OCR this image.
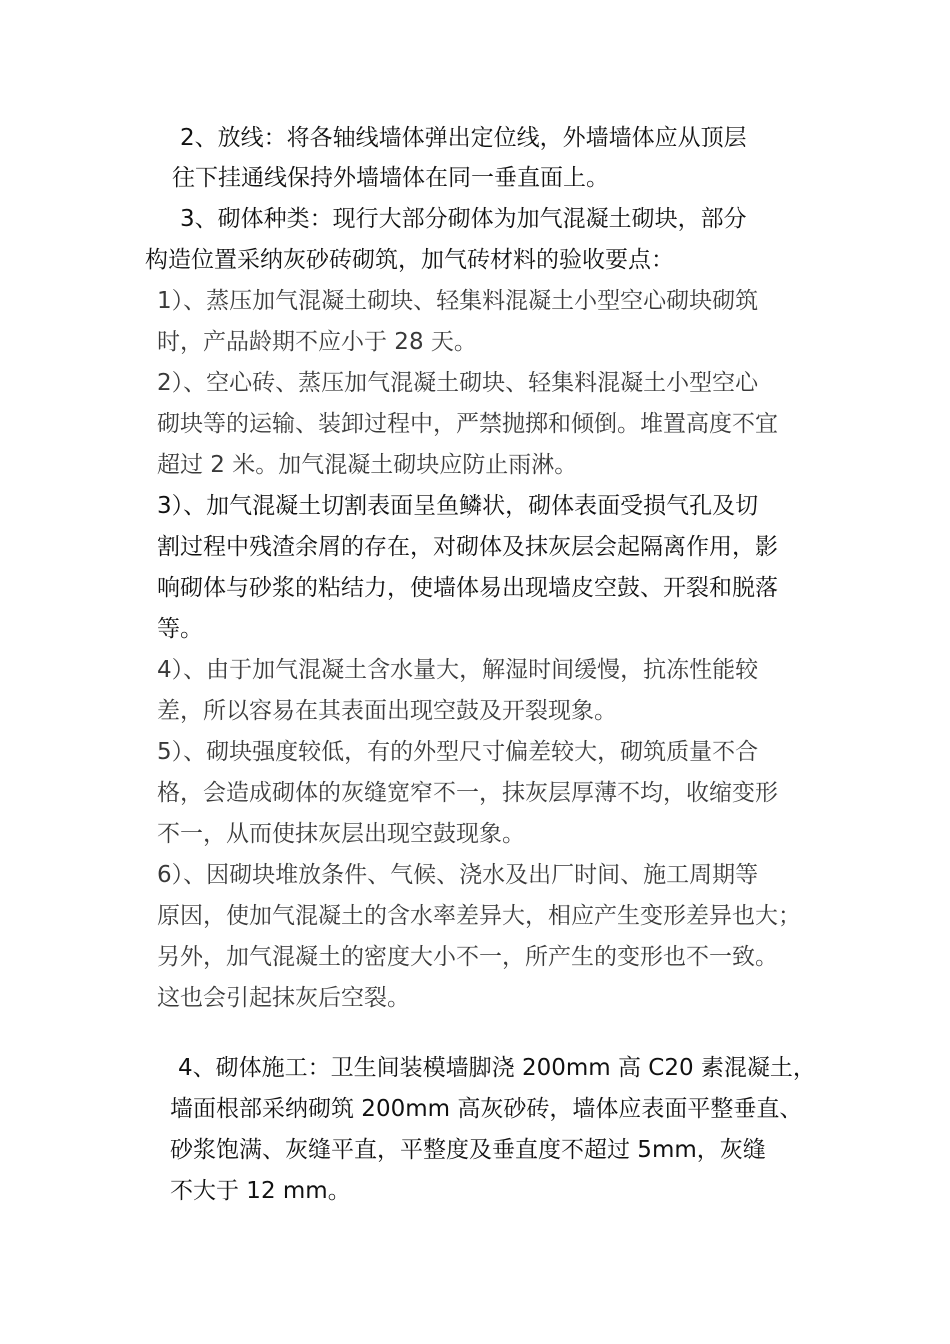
2、放线：将各轴线墙体弹出定位线，外墙墙体应从顶层

往下挂通线保持外墙墙体在同一垂直面上。

3、砌体种类：现行大部分砌体为加气混凝土砌块，部分

构造位置采纳灰砂砖砌筑，加气砖材料的验收要点：

1）、蒸压加气混凝土砌块、轻集料混凝土小型空心砌块砌筑

时，产品龄期不应小于 28 天。

2）、空心砖、蒸压加气混凝土砌块、轻集料混凝土小型空心

砌块等的运输、装卸过程中，严禁抛掷和倾倒。堆置高度不宜

超过 2 米。加气混凝土砌块应防止雨淋。

3）、加气混凝土切割表面呈鱼鳞状，砌体表面受损气孔及切

割过程中残渣余屑的存在，对砌体及抹灰层会起隔离作用，影

响砌体与砂浆的粘结力，使墙体易出现墙皮空鼓、开裂和脱落

等。

4）、由于加气混凝土含水量大，解湿时间缓慢，抗冻性能较

差，所以容易在其表面出现空鼓及开裂现象。

5）、砌块强度较低，有的外型尺寸偏差较大，砌筑质量不合

格，会造成砌体的灰缝宽窄不一，抹灰层厚薄不均，收缩变形

不一，从而使抹灰层出现空鼓现象。

6）、因砌块堆放条件、气候、浇水及出厂时间、施工周期等

原因，使加气混凝土的含水率差异大，相应产生变形差异也大；

另外，加气混凝土的密度大小不一，所产生的变形也不一致。

这也会引起抹灰后空裂。

4、砌体施工：卫生间装模墙脚浇 200mm 高 C20 素混凝土，

墙面根部采纳砌筑 200mm 高灰砂砖，墙体应表面平整垂直、

砂浆饱满、灰缝平直，平整度及垂直度不超过 5mm，灰缝

不大于 12 mm。
